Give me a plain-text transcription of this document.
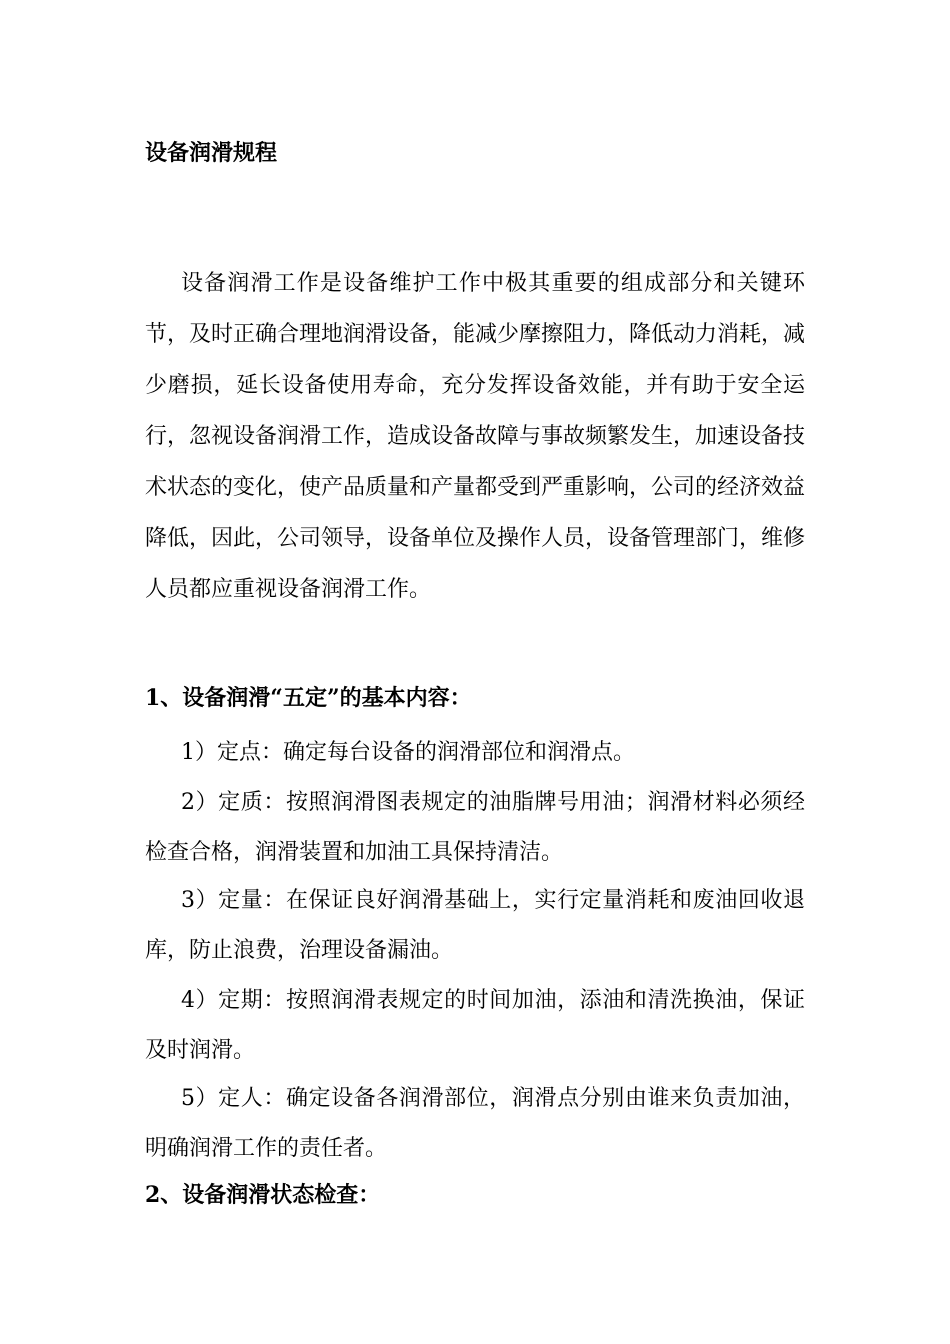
设备润滑规程

设备润滑工作是设备维护工作中极其重要的组成部分和关键环节，及时正确合理地润滑设备，能减少摩擦阻力，降低动力消耗，减少磨损，延长设备使用寿命，充分发挥设备效能，并有助于安全运行，忽视设备润滑工作，造成设备故障与事故频繁发生，加速设备技术状态的变化，使产品质量和产量都受到严重影响，公司的经济效益降低，因此，公司领导，设备单位及操作人员，设备管理部门，维修人员都应重视设备润滑工作。

1、设备润滑“五定”的基本内容：

1）定点：确定每台设备的润滑部位和润滑点。

2）定质：按照润滑图表规定的油脂牌号用油；润滑材料必须经检查合格，润滑装置和加油工具保持清洁。

3）定量：在保证良好润滑基础上，实行定量消耗和废油回收退库，防止浪费，治理设备漏油。

4）定期：按照润滑表规定的时间加油，添油和清洗换油，保证及时润滑。

5）定人：确定设备各润滑部位，润滑点分别由谁来负责加油，明确润滑工作的责任者。

2、设备润滑状态检查：
